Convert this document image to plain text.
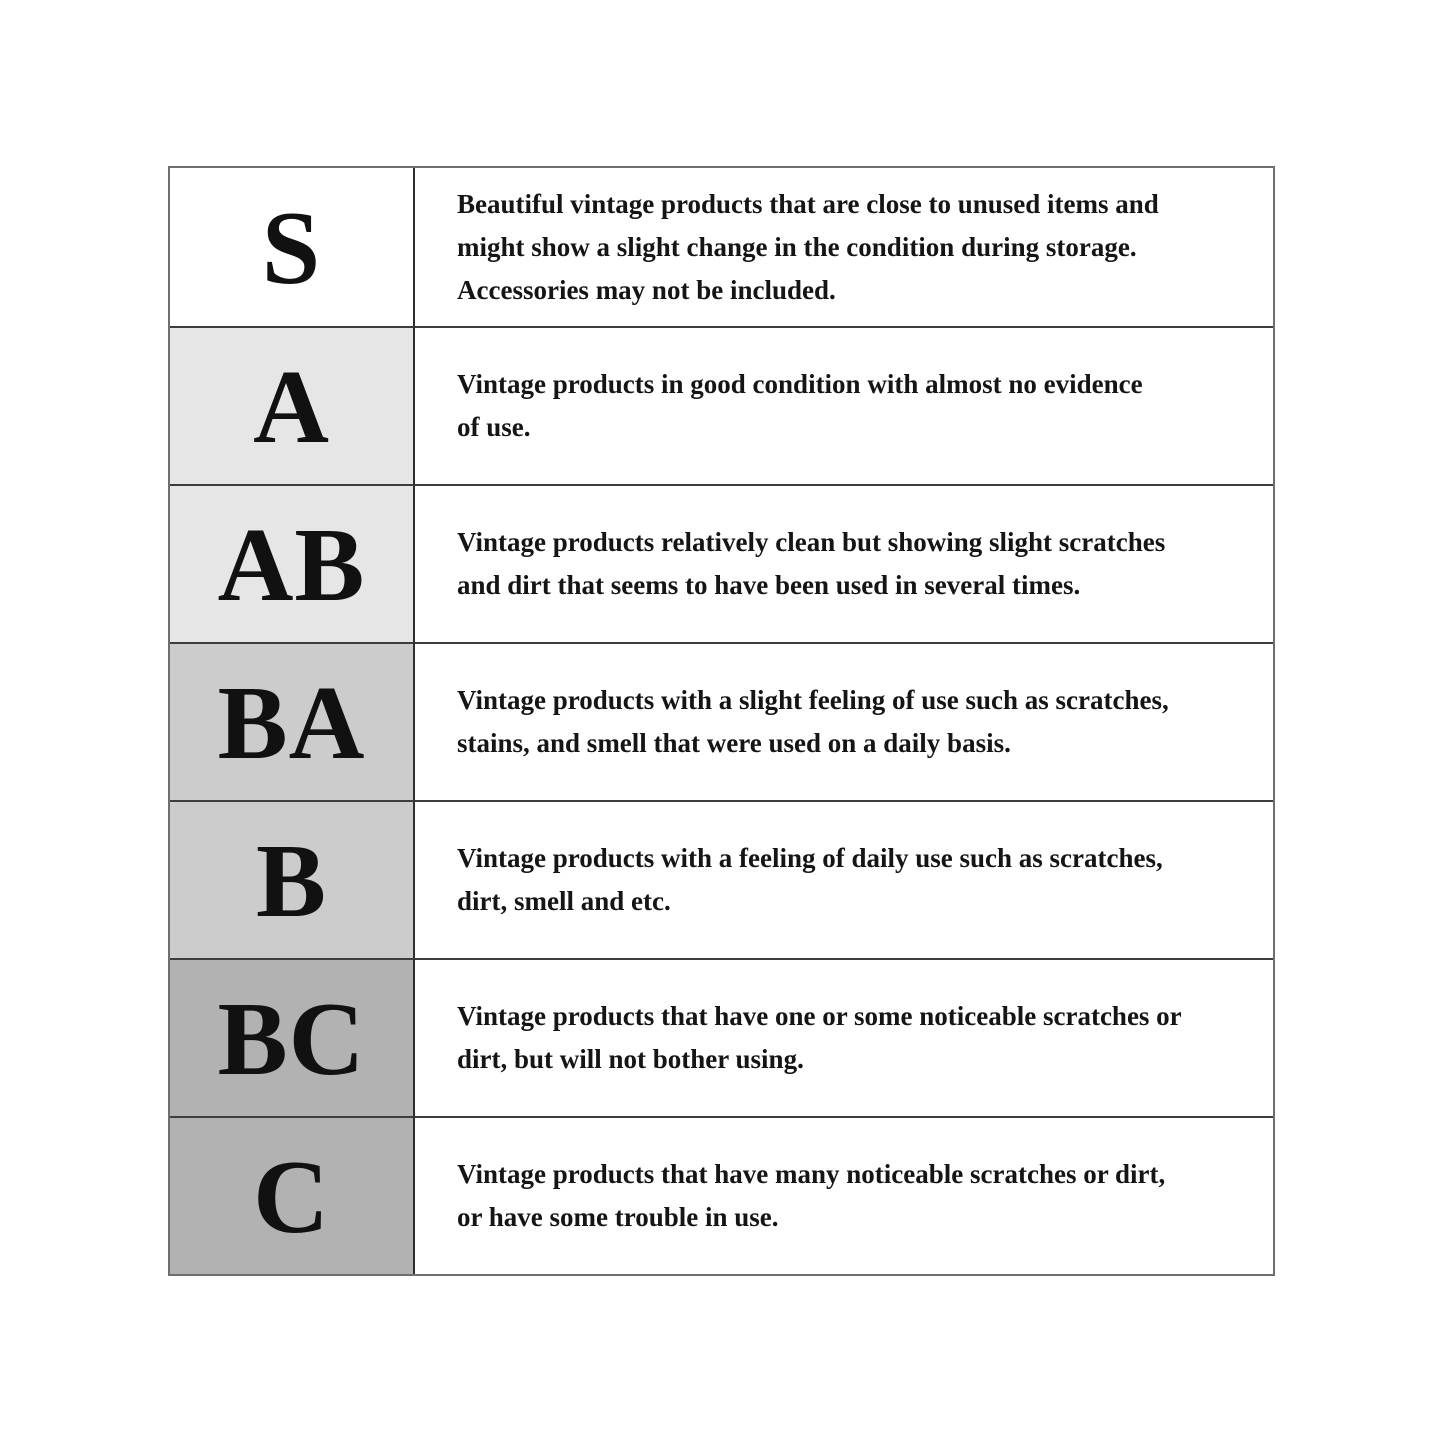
S	Beautiful vintage products that are close to unused items and
might show a slight change in the condition during storage.
Accessories may not be included.
A	Vintage products in good condition with almost no evidence
of use.
AB	Vintage products relatively clean but showing slight scratches
and dirt that seems to have been used in several times.
BA	Vintage products with a slight feeling of use such as scratches,
stains, and smell that were used on a daily basis.
B	Vintage products with a feeling of daily use such as scratches,
dirt, smell and etc.
BC	Vintage products that have one or some noticeable scratches or
dirt, but will not bother using.
C	Vintage products that have many noticeable scratches or dirt,
or have some trouble in use.
